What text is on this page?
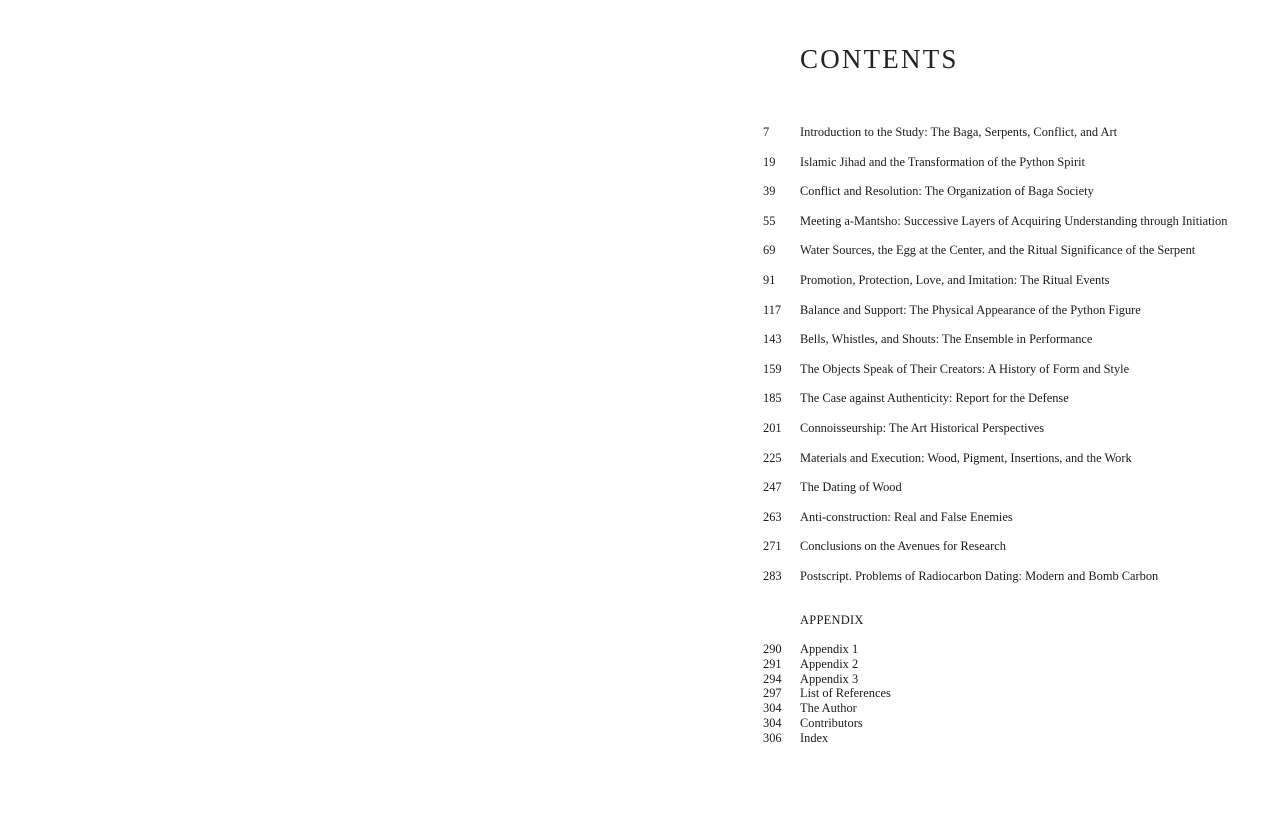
CONTENTS
7	Introduction to the Study: The Baga, Serpents, Conflict, and Art
19	Islamic Jihad and the Transformation of the Python Spirit
39	Conflict and Resolution: The Organization of Baga Society
55	Meeting a-Mantsho: Successive Layers of Acquiring Understanding through Initiation
69	Water Sources, the Egg at the Center, and the Ritual Significance of the Serpent
91	Promotion, Protection, Love, and Imitation: The Ritual Events
117	Balance and Support: The Physical Appearance of the Python Figure
143	Bells, Whistles, and Shouts: The Ensemble in Performance
159	The Objects Speak of Their Creators: A History of Form and Style
185	The Case against Authenticity: Report for the Defense
201	Connoisseurship: The Art Historical Perspectives
225	Materials and Execution: Wood, Pigment, Insertions, and the Work
247	The Dating of Wood
263	Anti-construction: Real and False Enemies
271	Conclusions on the Avenues for Research
283	Postscript. Problems of Radiocarbon Dating: Modern and Bomb Carbon
APPENDIX
290 Appendix 1
291 Appendix 2
294 Appendix 3
297 List of References
304 The Author
304 Contributors
306 Index
